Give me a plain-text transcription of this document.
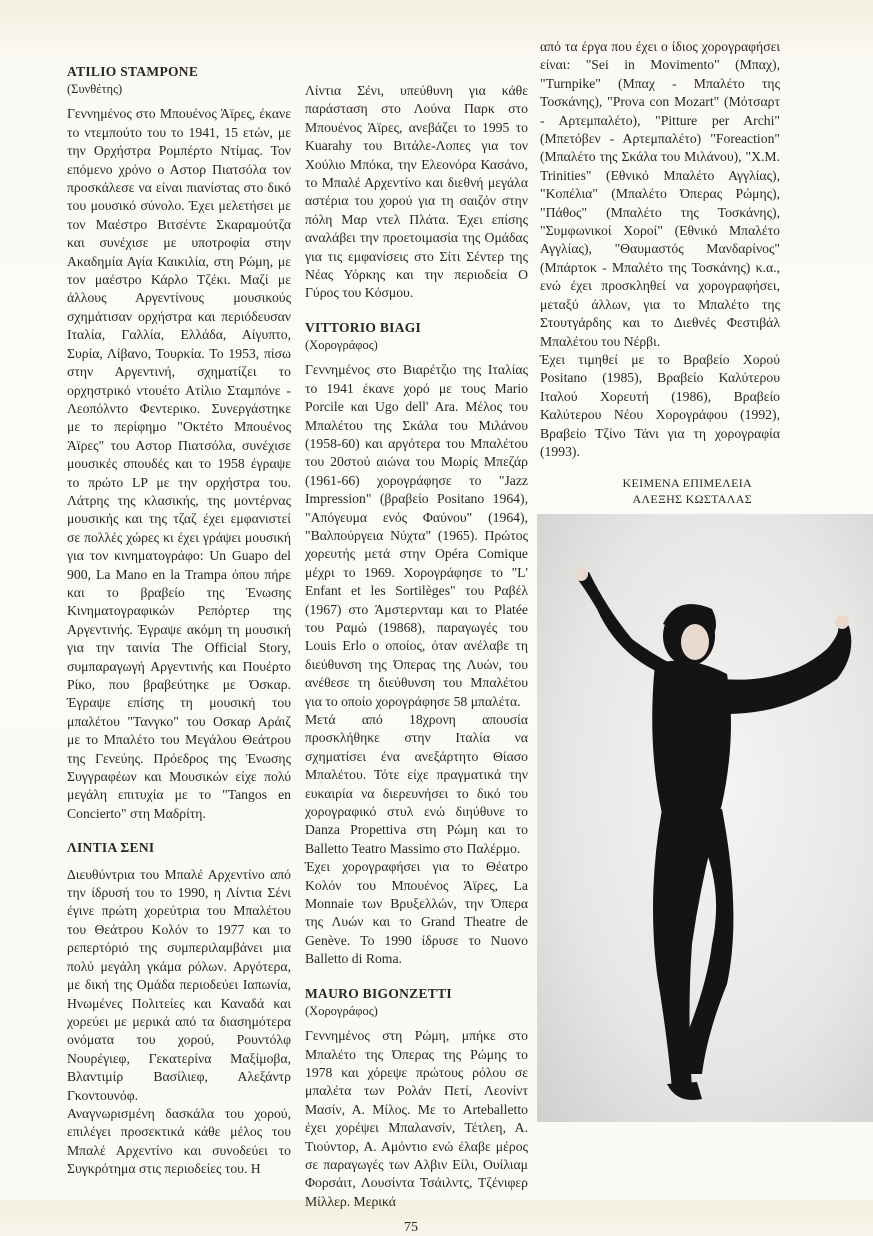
ATILIO STAMPONE

(Συνθέτης)

Γεννημένος στο Μπουένος Άϊρες, έκανε το ντεμπούτο του το 1941, 15 ετών, με την Ορχήστρα Ρομπέρτο Ντίμας. Τον επόμενο χρόνο ο Αστορ Πιατσόλα τον προσκάλεσε να είναι πιανίστας στο δικό του μουσικό σύνολο. Έχει μελετήσει με τον Μαέστρο Βιτσέντε Σκαραμούτζα και συνέχισε με υποτροφία στην Ακαδημία Αγία Καικιλία, στη Ρώμη, με τον μαέστρο Κάρλο Τζέκι. Μαζί με άλλους Αργεντίνους μουσικούς σχημάτισαν ορχήστρα και περιόδευσαν Ιταλία, Γαλλία, Ελλάδα, Αίγυπτο, Συρία, Λίβανο, Τουρκία. Το 1953, πίσω στην Αργεντινή, σχηματίζει το ορχηστρικό ντουέτο Ατίλιο Σταμπόνε - Λεοπόλντο Φεντερικο. Συνεργάστηκε με το περίφημο "Οκτέτο Μπουένος Άϊρες" του Αστορ Πιατσόλα, συνέχισε μουσικές σπουδές και το 1958 έγραψε το πρώτο LP με την ορχήστρα του. Λάτρης της κλασικής, της μοντέρνας μουσικής και της τζαζ έχει εμφανιστεί σε πολλές χώρες κι έχει γράψει μουσική για τον κινηματογράφο: Un Guapo del 900, La Mano en la Trampa όπου πήρε και το βραβείο της Ένωσης Κινηματογραφικών Ρεπόρτερ της Αργεντινής. Έγραψε ακόμη τη μουσική για την ταινία The Official Story, συμπαραγωγή Αργεντινής και Πουέρτο Ρίκο, που βραβεύτηκε με Όσκαρ. Έγραψε επίσης τη μουσική του μπαλέτου "Τανγκο" του Οσκαρ Αράιζ με το Μπαλέτο του Μεγάλου Θεάτρου της Γενεύης. Πρόεδρος της Ένωσης Συγγραφέων και Μουσικών είχε πολύ μεγάλη επιτυχία με το "Tangos en Concierto" στη Μαδρίτη.

ΛΙΝΤΙΑ ΣΕΝΙ

Διευθύντρια του Μπαλέ Αρχεντίνο από την ίδρυσή του το 1990, η Λίντια Σένι έγινε πρώτη χορεύτρια του Μπαλέτου του Θεάτρου Κολόν το 1977 και το ρεπερτόριό της συμπεριλαμβάνει μια πολύ μεγάλη γκάμα ρόλων. Αργότερα, με δική της Ομάδα περιοδεύει Ιαπωνία, Ηνωμένες Πολιτείες και Καναδά και χορεύει με μερικά από τα διασημότερα ονόματα του χορού, Ρουντόλφ Νουρέγιεφ, Γεκατερίνα Μαξίμοβα, Βλαντιμίρ Βασίλιεφ, Αλεξάντρ Γκοντουνόφ.

Αναγνωρισμένη δασκάλα του χορού, επιλέγει προσεκτικά κάθε μέλος του Μπαλέ Αρχεντίνο και συνοδεύει το Συγκρότημα στις περιοδείες του. Η

Λίντια Σένι, υπεύθυνη για κάθε παράσταση στο Λούνα Παρκ στο Μπουένος Άϊρες, ανεβάζει το 1995 το Kuarahy του Βιτάλε-Λοπες για τον Χούλιο Μπόκα, την Ελεονόρα Κασάνο, το Μπαλέ Αρχεντίνο και διεθνή μεγάλα αστέρια του χορού για τη σαιζόν στην πόλη Μαρ ντελ Πλάτα. Έχει επίσης αναλάβει την προετοιμασία της Ομάδας για τις εμφανίσεις στο Σίτι Σέντερ της Νέας Υόρκης και την περιοδεία Ο Γύρος του Κόσμου.

VITTORIO BIAGI

(Χορογράφος)

Γεννημένος στο Βιαρέτζιο της Ιταλίας το 1941 έκανε χορό με τους Mario Porcile και Ugo dell' Ara. Μέλος του Μπαλέτου της Σκάλα του Μιλάνου (1958-60) και αργότερα του Μπαλέτου του 20στού αιώνα του Μωρίς Μπεζάρ (1961-66) χορογράφησε το "Jazz Impression" (βραβείο Positano 1964), "Απόγευμα ενός Φαύνου" (1964), "Βαλπούργεια Νύχτα" (1965). Πρώτος χορευτής μετά στην Opéra Comique μέχρι το 1969. Χορογράφησε το "L' Enfant et les Sortilèges" του Ραβέλ (1967) στο Άμστερνταμ και το Platée του Ραμώ (19868), παραγωγές του Louis Erlo ο οποίος, όταν ανέλαβε τη διεύθυνση της Όπερας της Λυών, του ανέθεσε τη διεύθυνση του Μπαλέτου για το οποίο χορογράφησε 58 μπαλέτα.

Μετά από 18χρονη απουσία προσκλήθηκε στην Ιταλία να σχηματίσει ένα ανεξάρτητο Θίασο Μπαλέτου. Τότε είχε πραγματικά την ευκαιρία να διερευνήσει το δικό του χορογραφικό στυλ ενώ διηύθυνε το Danza Propettiva στη Ρώμη και το Balletto Teatro Massimo στο Παλέρμο.

Έχει χορογραφήσει για το Θέατρο Κολόν του Μπουένος Άϊρες, La Monnaie των Βρυξελλών, την Όπερα της Λυών και το Grand Theatre de Genève. Το 1990 ίδρυσε το Nuovo Balletto di Roma.

MAURO BIGONZETTI

(Χορογράφος)

Γεννημένος στη Ρώμη, μπήκε στο Μπαλέτο της Όπερας της Ρώμης το 1978 και χόρεψε πρώτους ρόλου σε μπαλέτα των Ρολάν Πετί, Λεονίντ Μασίν, Α. Μίλος. Με το Arteballetto έχει χορέψει Μπαλανσίν, Τέτλεη, Α. Τιούντορ, Α. Αμόντιο ενώ έλαβε μέρος σε παραγωγές των Αλβιν Είλι, Ουίλιαμ Φορσάιτ, Λουσίντα Τσάιλντς, Τζένιφερ Μίλλερ. Μερικά

από τα έργα που έχει ο ίδιος χορογραφήσει είναι: "Sei in Movimento" (Μπαχ), "Turnpike" (Μπαχ - Μπαλέτο της Τοσκάνης), "Prova con Mozart" (Μότσαρτ - Αρτεμπαλέτο), "Pitture per Archi" (Μπετόβεν - Αρτεμπαλέτο) "Foreaction" (Μπαλέτο της Σκάλα του Μιλάνου), "Χ.Μ. Trinities" (Εθνικό Μπαλέτο Αγγλίας), "Κοπέλια" (Μπαλέτο Όπερας Ρώμης), "Πάθος" (Μπαλέτο της Τοσκάνης), "Συμφωνικοί Χοροί" (Εθνικό Μπαλέτο Αγγλίας), "Θαυμαστός Μανδαρίνος" (Μπάρτοκ - Μπαλέτο της Τοσκάνης) κ.α., ενώ έχει προσκληθεί να χορογραφήσει, μεταξύ άλλων, για το Μπαλέτο της Στουτγάρδης και το Διεθνές Φεστιβάλ Μπαλέτου του Νέρβι.

Έχει τιμηθεί με το Βραβείο Χορού Positano (1985), Βραβείο Καλύτερου Ιταλού Χορευτή (1986), Βραβείο Καλύτερου Νέου Χορογράφου (1992), Βραβείο Τζίνο Τάνι για τη χορογραφία (1993).

ΚΕΙΜΕΝΑ ΕΠΙΜΕΛΕΙΑ
ΑΛΕΞΗΣ ΚΩΣΤΑΛΑΣ
75
